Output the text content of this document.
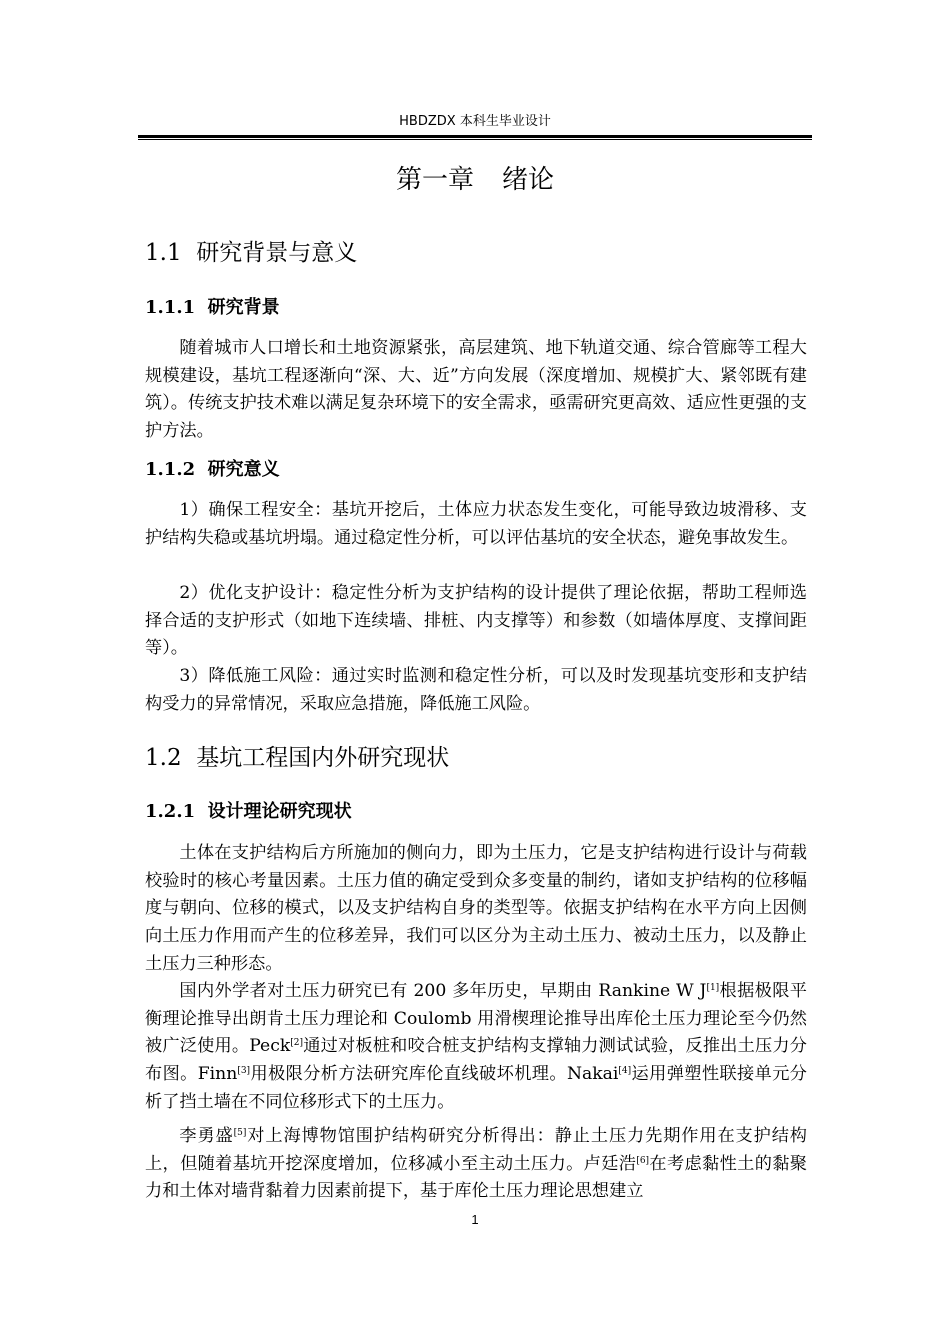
HBDZDX 本科生毕业设计
第一章 绪论
1.1 研究背景与意义
1.1.1 研究背景

随着城市人口增长和土地资源紧张，高层建筑、地下轨道交通、综合管廊等工程大规模建设，基坑工程逐渐向“深、大、近”方向发展（深度增加、规模扩大、紧邻既有建筑）。传统支护技术难以满足复杂环境下的安全需求，亟需研究更高效、适应性更强的支护方法。

1.1.2 研究意义

1）确保工程安全：基坑开挖后，土体应力状态发生变化，可能导致边坡滑移、支护结构失稳或基坑坍塌。通过稳定性分析，可以评估基坑的安全状态，避免事故发生。

2）优化支护设计：稳定性分析为支护结构的设计提供了理论依据，帮助工程师选择合适的支护形式（如地下连续墙、排桩、内支撑等）和参数（如墙体厚度、支撑间距等）。

3）降低施工风险：通过实时监测和稳定性分析，可以及时发现基坑变形和支护结构受力的异常情况，采取应急措施，降低施工风险。

1.2 基坑工程国内外研究现状
1.2.1 设计理论研究现状

土体在支护结构后方所施加的侧向力，即为土压力，它是支护结构进行设计与荷载校验时的核心考量因素。土压力值的确定受到众多变量的制约，诸如支护结构的位移幅度与朝向、位移的模式，以及支护结构自身的类型等。依据支护结构在水平方向上因侧向土压力作用而产生的位移差异，我们可以区分为主动土压力、被动土压力，以及静止土压力三种形态。

国内外学者对土压力研究已有 200 多年历史，早期由 Rankine W J[1]根据极限平衡理论推导出朗肯土压力理论和 Coulomb 用滑楔理论推导出库伦土压力理论至今仍然被广泛使用。Peck[2]通过对板桩和咬合桩支护结构支撑轴力测试试验，反推出土压力分布图。Finn[3]用极限分析方法研究库伦直线破坏机理。Nakai[4]运用弹塑性联接单元分析了挡土墙在不同位移形式下的土压力。

李勇盛[5]对上海博物馆围护结构研究分析得出：静止土压力先期作用在支护结构上，但随着基坑开挖深度增加，位移减小至主动土压力。卢廷浩[6]在考虑黏性土的黏聚力和土体对墙背黏着力因素前提下，基于库伦土压力理论思想建立

1
